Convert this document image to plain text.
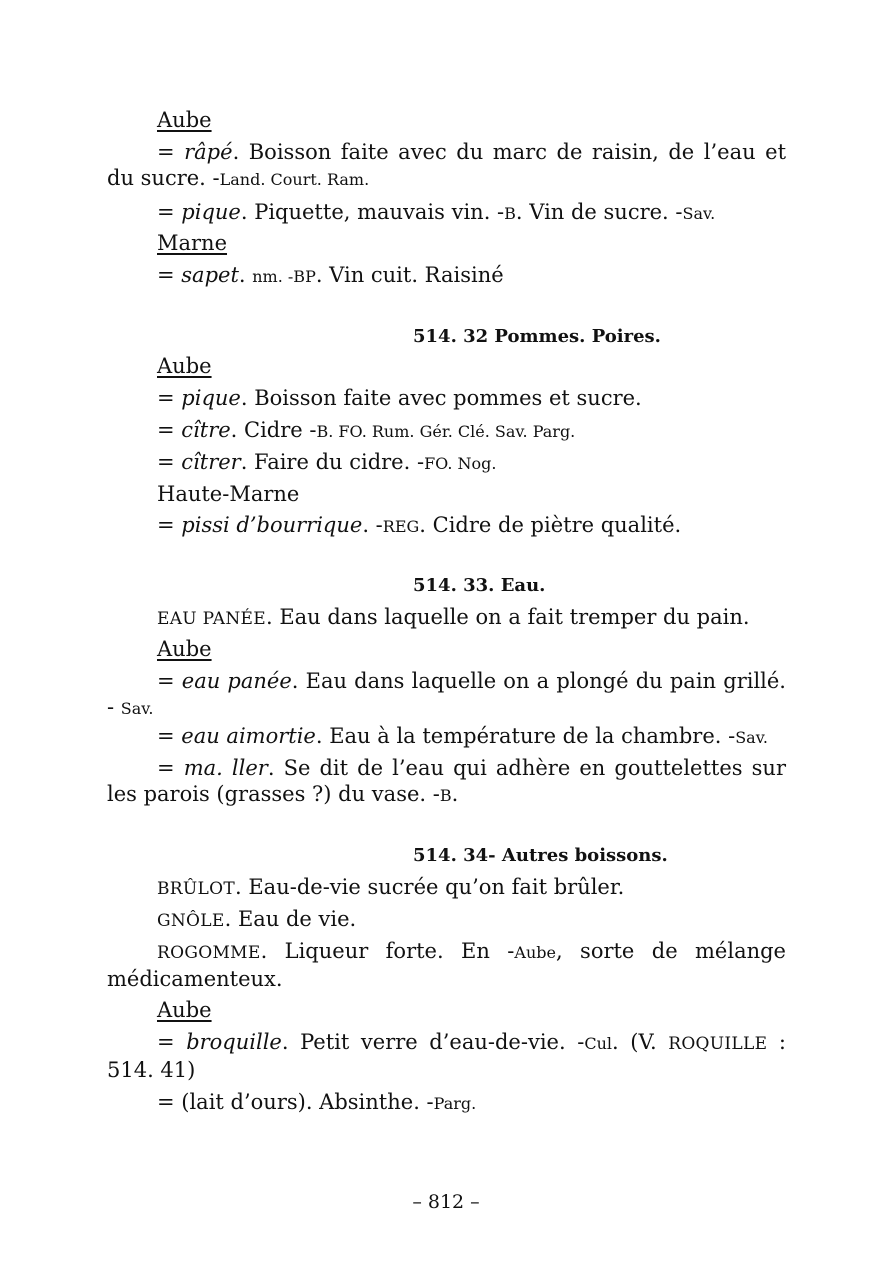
Aube
= râpé. Boisson faite avec du marc de raisin, de l’eau et du sucre. -Land. Court. Ram.
= pique. Piquette, mauvais vin. -B. Vin de sucre. -Sav.
Marne
= sapet. nm. -BP. Vin cuit. Raisiné
514. 32 Pommes. Poires.
Aube
= pique. Boisson faite avec pommes et sucre.
= cître. Cidre -B. FO. Rum. Gér. Clé. Sav. Parg.
= cîtrer. Faire du cidre. -FO. Nog.
Haute-Marne
= pissi d’bourrique. -REG. Cidre de piètre qualité.
514. 33. Eau.
EAU PANÉE. Eau dans laquelle on a fait tremper du pain.
Aube
= eau panée. Eau dans laquelle on a plongé du pain grillé. - Sav.
= eau aimortie. Eau à la température de la chambre. -Sav.
= ma. ller. Se dit de l’eau qui adhère en gouttelettes sur les parois (grasses ?) du vase. -B.
514. 34- Autres boissons.
BRÛLOT. Eau-de-vie sucrée qu’on fait brûler.
GNÔLE. Eau de vie.
ROGOMME. Liqueur forte. En -Aube, sorte de mélange médicamenteux.
Aube
= broquille. Petit verre d’eau-de-vie. -Cul. (V. ROQUILLE : 514. 41)
= (lait d’ours). Absinthe. -Parg.
– 812 –
